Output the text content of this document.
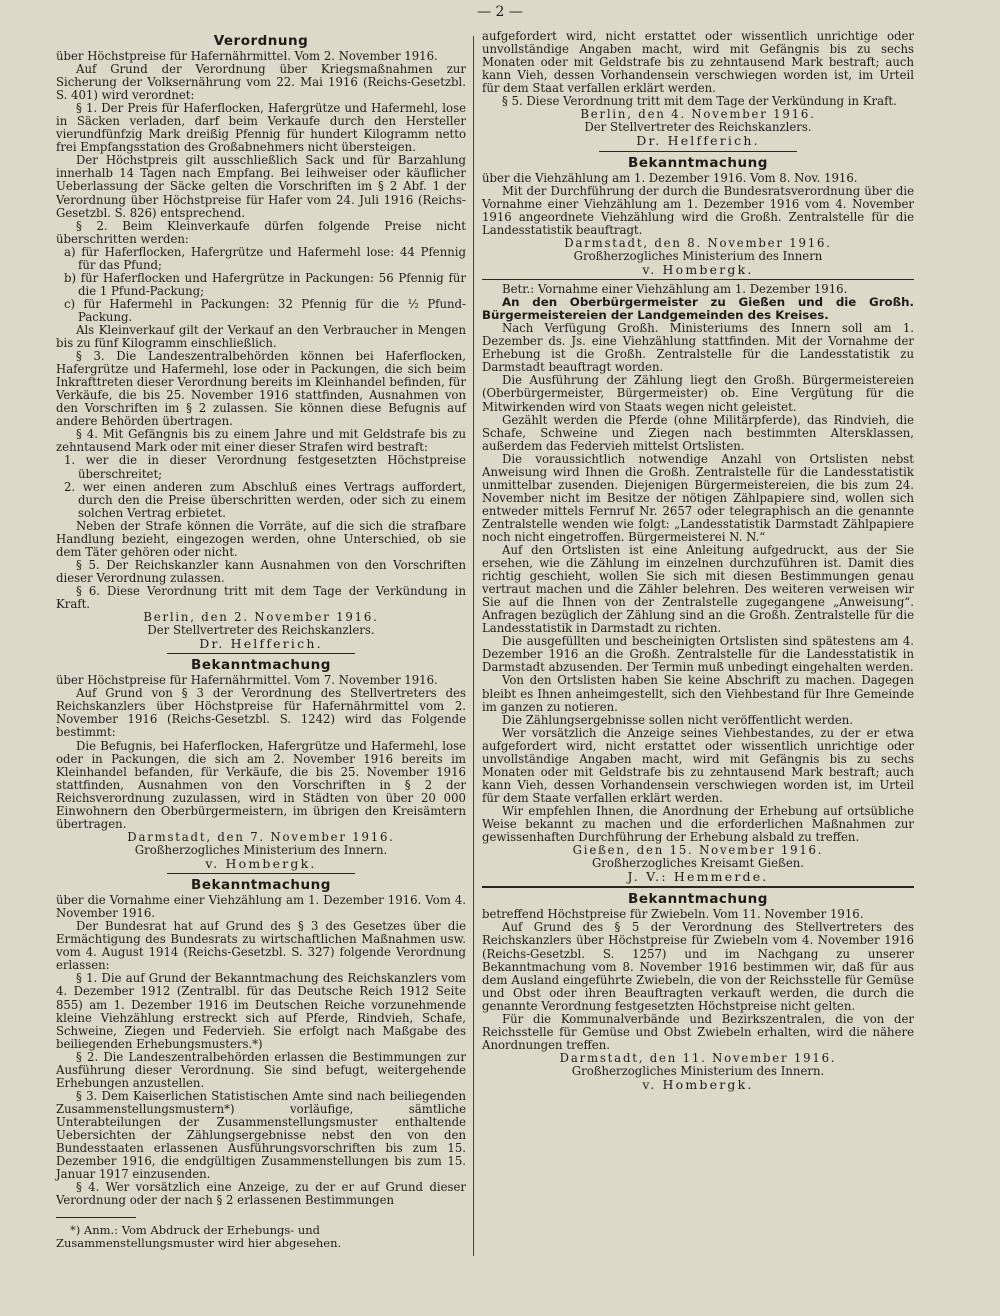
— 2 —
Verordnung

über Höchstpreise für Hafernährmittel. Vom 2. November 1916.

Auf Grund der Verordnung über Kriegsmaßnahmen zur Sicherung der Volksernährung vom 22. Mai 1916 (Reichs-Gesetzbl. S. 401) wird verordnet:

§ 1. Der Preis für Haferflocken, Hafergrütze und Hafermehl, lose in Säcken verladen, darf beim Verkaufe durch den Hersteller vierundfünfzig Mark dreißig Pfennig für hundert Kilogramm netto frei Empfangsstation des Großabnehmers nicht übersteigen.

Der Höchstpreis gilt ausschließlich Sack und für Barzahlung innerhalb 14 Tagen nach Empfang. Bei leihweiser oder käuflicher Ueberlassung der Säcke gelten die Vorschriften im § 2 Abf. 1 der Verordnung über Höchstpreise für Hafer vom 24. Juli 1916 (Reichs-Gesetzbl. S. 826) entsprechend.

§ 2. Beim Kleinverkaufe dürfen folgende Preise nicht überschritten werden:

a) für Haferflocken, Hafergrütze und Hafermehl lose: 44 Pfennig für das Pfund;

b) für Haferflocken und Hafergrütze in Packungen: 56 Pfennig für die 1 Pfund-Packung;

c) für Hafermehl in Packungen: 32 Pfennig für die ½ Pfund-Packung.

Als Kleinverkauf gilt der Verkauf an den Verbraucher in Mengen bis zu fünf Kilogramm einschließlich.

§ 3. Die Landeszentralbehörden können bei Haferflocken, Hafergrütze und Hafermehl, lose oder in Packungen, die sich beim Inkrafttreten dieser Verordnung bereits im Kleinhandel befinden, für Verkäufe, die bis 25. November 1916 stattfinden, Ausnahmen von den Vorschriften im § 2 zulassen. Sie können diese Befugnis auf andere Behörden übertragen.

§ 4. Mit Gefängnis bis zu einem Jahre und mit Geldstrafe bis zu zehntausend Mark oder mit einer dieser Strafen wird bestraft:

1. wer die in dieser Verordnung festgesetzten Höchstpreise überschreitet;

2. wer einen anderen zum Abschluß eines Vertrags auffordert, durch den die Preise überschritten werden, oder sich zu einem solchen Vertrag erbietet.

Neben der Strafe können die Vorräte, auf die sich die strafbare Handlung bezieht, eingezogen werden, ohne Unterschied, ob sie dem Täter gehören oder nicht.

§ 5. Der Reichskanzler kann Ausnahmen von den Vorschriften dieser Verordnung zulassen.

§ 6. Diese Verordnung tritt mit dem Tage der Verkündung in Kraft.

Berlin, den 2. November 1916.

Der Stellvertreter des Reichskanzlers.

Dr. Helfferich.

Bekanntmachung

über Höchstpreise für Hafernährmittel. Vom 7. November 1916.

Auf Grund von § 3 der Verordnung des Stellvertreters des Reichskanzlers über Höchstpreise für Hafernährmittel vom 2. November 1916 (Reichs-Gesetzbl. S. 1242) wird das Folgende bestimmt:

Die Befugnis, bei Haferflocken, Hafergrütze und Hafermehl, lose oder in Packungen, die sich am 2. November 1916 bereits im Kleinhandel befanden, für Verkäufe, die bis 25. November 1916 stattfinden, Ausnahmen von den Vorschriften in § 2 der Reichsverordnung zuzulassen, wird in Städten von über 20 000 Einwohnern den Oberbürgermeistern, im übrigen den Kreisämtern übertragen.

Darmstadt, den 7. November 1916.

Großherzogliches Ministerium des Innern.

v. Hombergk.

Bekanntmachung

über die Vornahme einer Viehzählung am 1. Dezember 1916. Vom 4. November 1916.

Der Bundesrat hat auf Grund des § 3 des Gesetzes über die Ermächtigung des Bundesrats zu wirtschaftlichen Maßnahmen usw. vom 4. August 1914 (Reichs-Gesetzbl. S. 327) folgende Verordnung erlassen:

§ 1. Die auf Grund der Bekanntmachung des Reichskanzlers vom 4. Dezember 1912 (Zentralbl. für das Deutsche Reich 1912 Seite 855) am 1. Dezember 1916 im Deutschen Reiche vorzunehmende kleine Viehzählung erstreckt sich auf Pferde, Rindvieh, Schafe, Schweine, Ziegen und Federvieh. Sie erfolgt nach Maßgabe des beiliegenden Erhebungsmusters.*)

§ 2. Die Landeszentralbehörden erlassen die Bestimmungen zur Ausführung dieser Verordnung. Sie sind befugt, weitergehende Erhebungen anzustellen.

§ 3. Dem Kaiserlichen Statistischen Amte sind nach beiliegenden Zusammenstellungsmustern*) vorläufige, sämtliche Unterabteilungen der Zusammenstellungsmuster enthaltende Uebersichten der Zählungsergebnisse nebst den von den Bundesstaaten erlassenen Ausführungsvorschriften bis zum 15. Dezember 1916, die endgültigen Zusammenstellungen bis zum 15. Januar 1917 einzusenden.

§ 4. Wer vorsätzlich eine Anzeige, zu der er auf Grund dieser Verordnung oder der nach § 2 erlassenen Bestimmungen

*) Anm.: Vom Abdruck der Erhebungs- und Zusammenstellungsmuster wird hier abgesehen.

aufgefordert wird, nicht erstattet oder wissentlich unrichtige oder unvollständige Angaben macht, wird mit Gefängnis bis zu sechs Monaten oder mit Geldstrafe bis zu zehntausend Mark bestraft; auch kann Vieh, dessen Vorhandensein verschwiegen worden ist, im Urteil für dem Staat verfallen erklärt werden.

§ 5. Diese Verordnung tritt mit dem Tage der Verkündung in Kraft.

Berlin, den 4. November 1916.

Der Stellvertreter des Reichskanzlers.

Dr. Helfferich.

Bekanntmachung

über die Viehzählung am 1. Dezember 1916. Vom 8. Nov. 1916.

Mit der Durchführung der durch die Bundesratsverordnung über die Vornahme einer Viehzählung am 1. Dezember 1916 vom 4. November 1916 angeordnete Viehzählung wird die Großh. Zentralstelle für die Landesstatistik beauftragt.

Darmstadt, den 8. November 1916.

Großherzogliches Ministerium des Innern

v. Hombergk.

Betr.: Vornahme einer Viehzählung am 1. Dezember 1916.

An den Oberbürgermeister zu Gießen und die Großh. Bürgermeistereien der Landgemeinden des Kreises.

Nach Verfügung Großh. Ministeriums des Innern soll am 1. Dezember ds. Js. eine Viehzählung stattfinden. Mit der Vornahme der Erhebung ist die Großh. Zentralstelle für die Landesstatistik zu Darmstadt beauftragt worden.

Die Ausführung der Zählung liegt den Großh. Bürgermeistereien (Oberbürgermeister, Bürgermeister) ob. Eine Vergütung für die Mitwirkenden wird von Staats wegen nicht geleistet.

Gezählt werden die Pferde (ohne Militärpferde), das Rindvieh, die Schafe, Schweine und Ziegen nach bestimmten Altersklassen, außerdem das Federvieh mittelst Ortslisten.

Die voraussichtlich notwendige Anzahl von Ortslisten nebst Anweisung wird Ihnen die Großh. Zentralstelle für die Landesstatistik unmittelbar zusenden. Diejenigen Bürgermeistereien, die bis zum 24. November nicht im Besitze der nötigen Zählpapiere sind, wollen sich entweder mittels Fernruf Nr. 2657 oder telegraphisch an die genannte Zentralstelle wenden wie folgt: „Landesstatistik Darmstadt Zählpapiere noch nicht eingetroffen. Bürgermeisterei N. N.“

Auf den Ortslisten ist eine Anleitung aufgedruckt, aus der Sie ersehen, wie die Zählung im einzelnen durchzuführen ist. Damit dies richtig geschieht, wollen Sie sich mit diesen Bestimmungen genau vertraut machen und die Zähler belehren. Des weiteren verweisen wir Sie auf die Ihnen von der Zentralstelle zugegangene „Anweisung“. Anfragen bezüglich der Zählung sind an die Großh. Zentralstelle für die Landesstatistik in Darmstadt zu richten.

Die ausgefüllten und bescheinigten Ortslisten sind spätestens am 4. Dezember 1916 an die Großh. Zentralstelle für die Landesstatistik in Darmstadt abzusenden. Der Termin muß unbedingt eingehalten werden.

Von den Ortslisten haben Sie keine Abschrift zu machen. Dagegen bleibt es Ihnen anheimgestellt, sich den Viehbestand für Ihre Gemeinde im ganzen zu notieren.

Die Zählungsergebnisse sollen nicht veröffentlicht werden.

Wer vorsätzlich die Anzeige seines Viehbestandes, zu der er etwa aufgefordert wird, nicht erstattet oder wissentlich unrichtige oder unvollständige Angaben macht, wird mit Gefängnis bis zu sechs Monaten oder mit Geldstrafe bis zu zehntausend Mark bestraft; auch kann Vieh, dessen Vorhandensein verschwiegen worden ist, im Urteil für dem Staate verfallen erklärt werden.

Wir empfehlen Ihnen, die Anordnung der Erhebung auf ortsübliche Weise bekannt zu machen und die erforderlichen Maßnahmen zur gewissenhaften Durchführung der Erhebung alsbald zu treffen.

Gießen, den 15. November 1916.

Großherzogliches Kreisamt Gießen.

J. V.: Hemmerde.

Bekanntmachung

betreffend Höchstpreise für Zwiebeln. Vom 11. November 1916.

Auf Grund des § 5 der Verordnung des Stellvertreters des Reichskanzlers über Höchstpreise für Zwiebeln vom 4. November 1916 (Reichs-Gesetzbl. S. 1257) und im Nachgang zu unserer Bekanntmachung vom 8. November 1916 bestimmen wir, daß für aus dem Ausland eingeführte Zwiebeln, die von der Reichsstelle für Gemüse und Obst oder ihren Beauftragten verkauft werden, die durch die genannte Verordnung festgesetzten Höchstpreise nicht gelten.

Für die Kommunalverbände und Bezirkszentralen, die von der Reichsstelle für Gemüse und Obst Zwiebeln erhalten, wird die nähere Anordnungen treffen.

Darmstadt, den 11. November 1916.

Großherzogliches Ministerium des Innern.

v. Hombergk.
